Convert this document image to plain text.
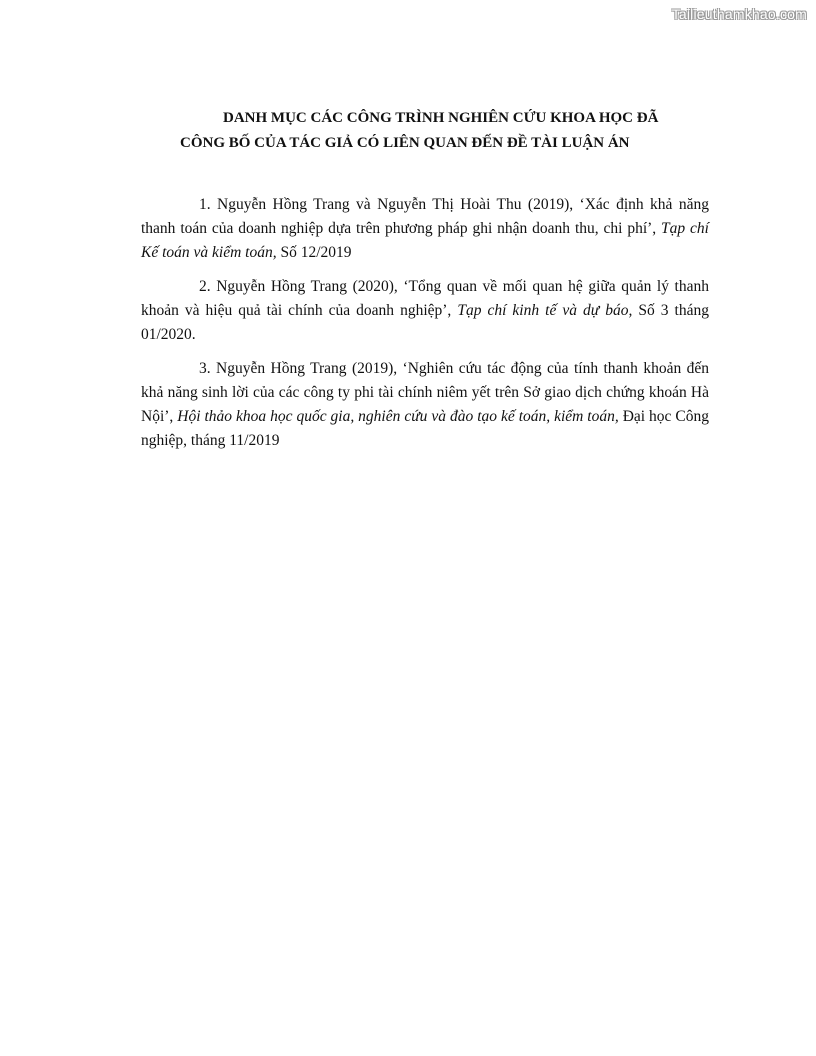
Tailieuthamkhao.com
DANH MỤC CÁC CÔNG TRÌNH NGHIÊN CỨU KHOA HỌC ĐÃ
CÔNG BỐ CỦA TÁC GIẢ CÓ LIÊN QUAN ĐẾN ĐỀ TÀI LUẬN ÁN

1. Nguyễn Hồng Trang và Nguyễn Thị Hoài Thu (2019), ‘Xác định khả năng thanh toán của doanh nghiệp dựa trên phương pháp ghi nhận doanh thu, chi phí’, Tạp chí Kế toán và kiểm toán, Số 12/2019

2. Nguyễn Hồng Trang (2020), ‘Tổng quan về mối quan hệ giữa quản lý thanh khoản và hiệu quả tài chính của doanh nghiệp’, Tạp chí kinh tế và dự báo, Số 3 tháng 01/2020.

3. Nguyễn Hồng Trang (2019), ‘Nghiên cứu tác động của tính thanh khoản đến khả năng sinh lời của các công ty phi tài chính niêm yết trên Sở giao dịch chứng khoán Hà Nội’, Hội thảo khoa học quốc gia, nghiên cứu và đào tạo kế toán, kiểm toán, Đại học Công nghiệp, tháng 11/2019
